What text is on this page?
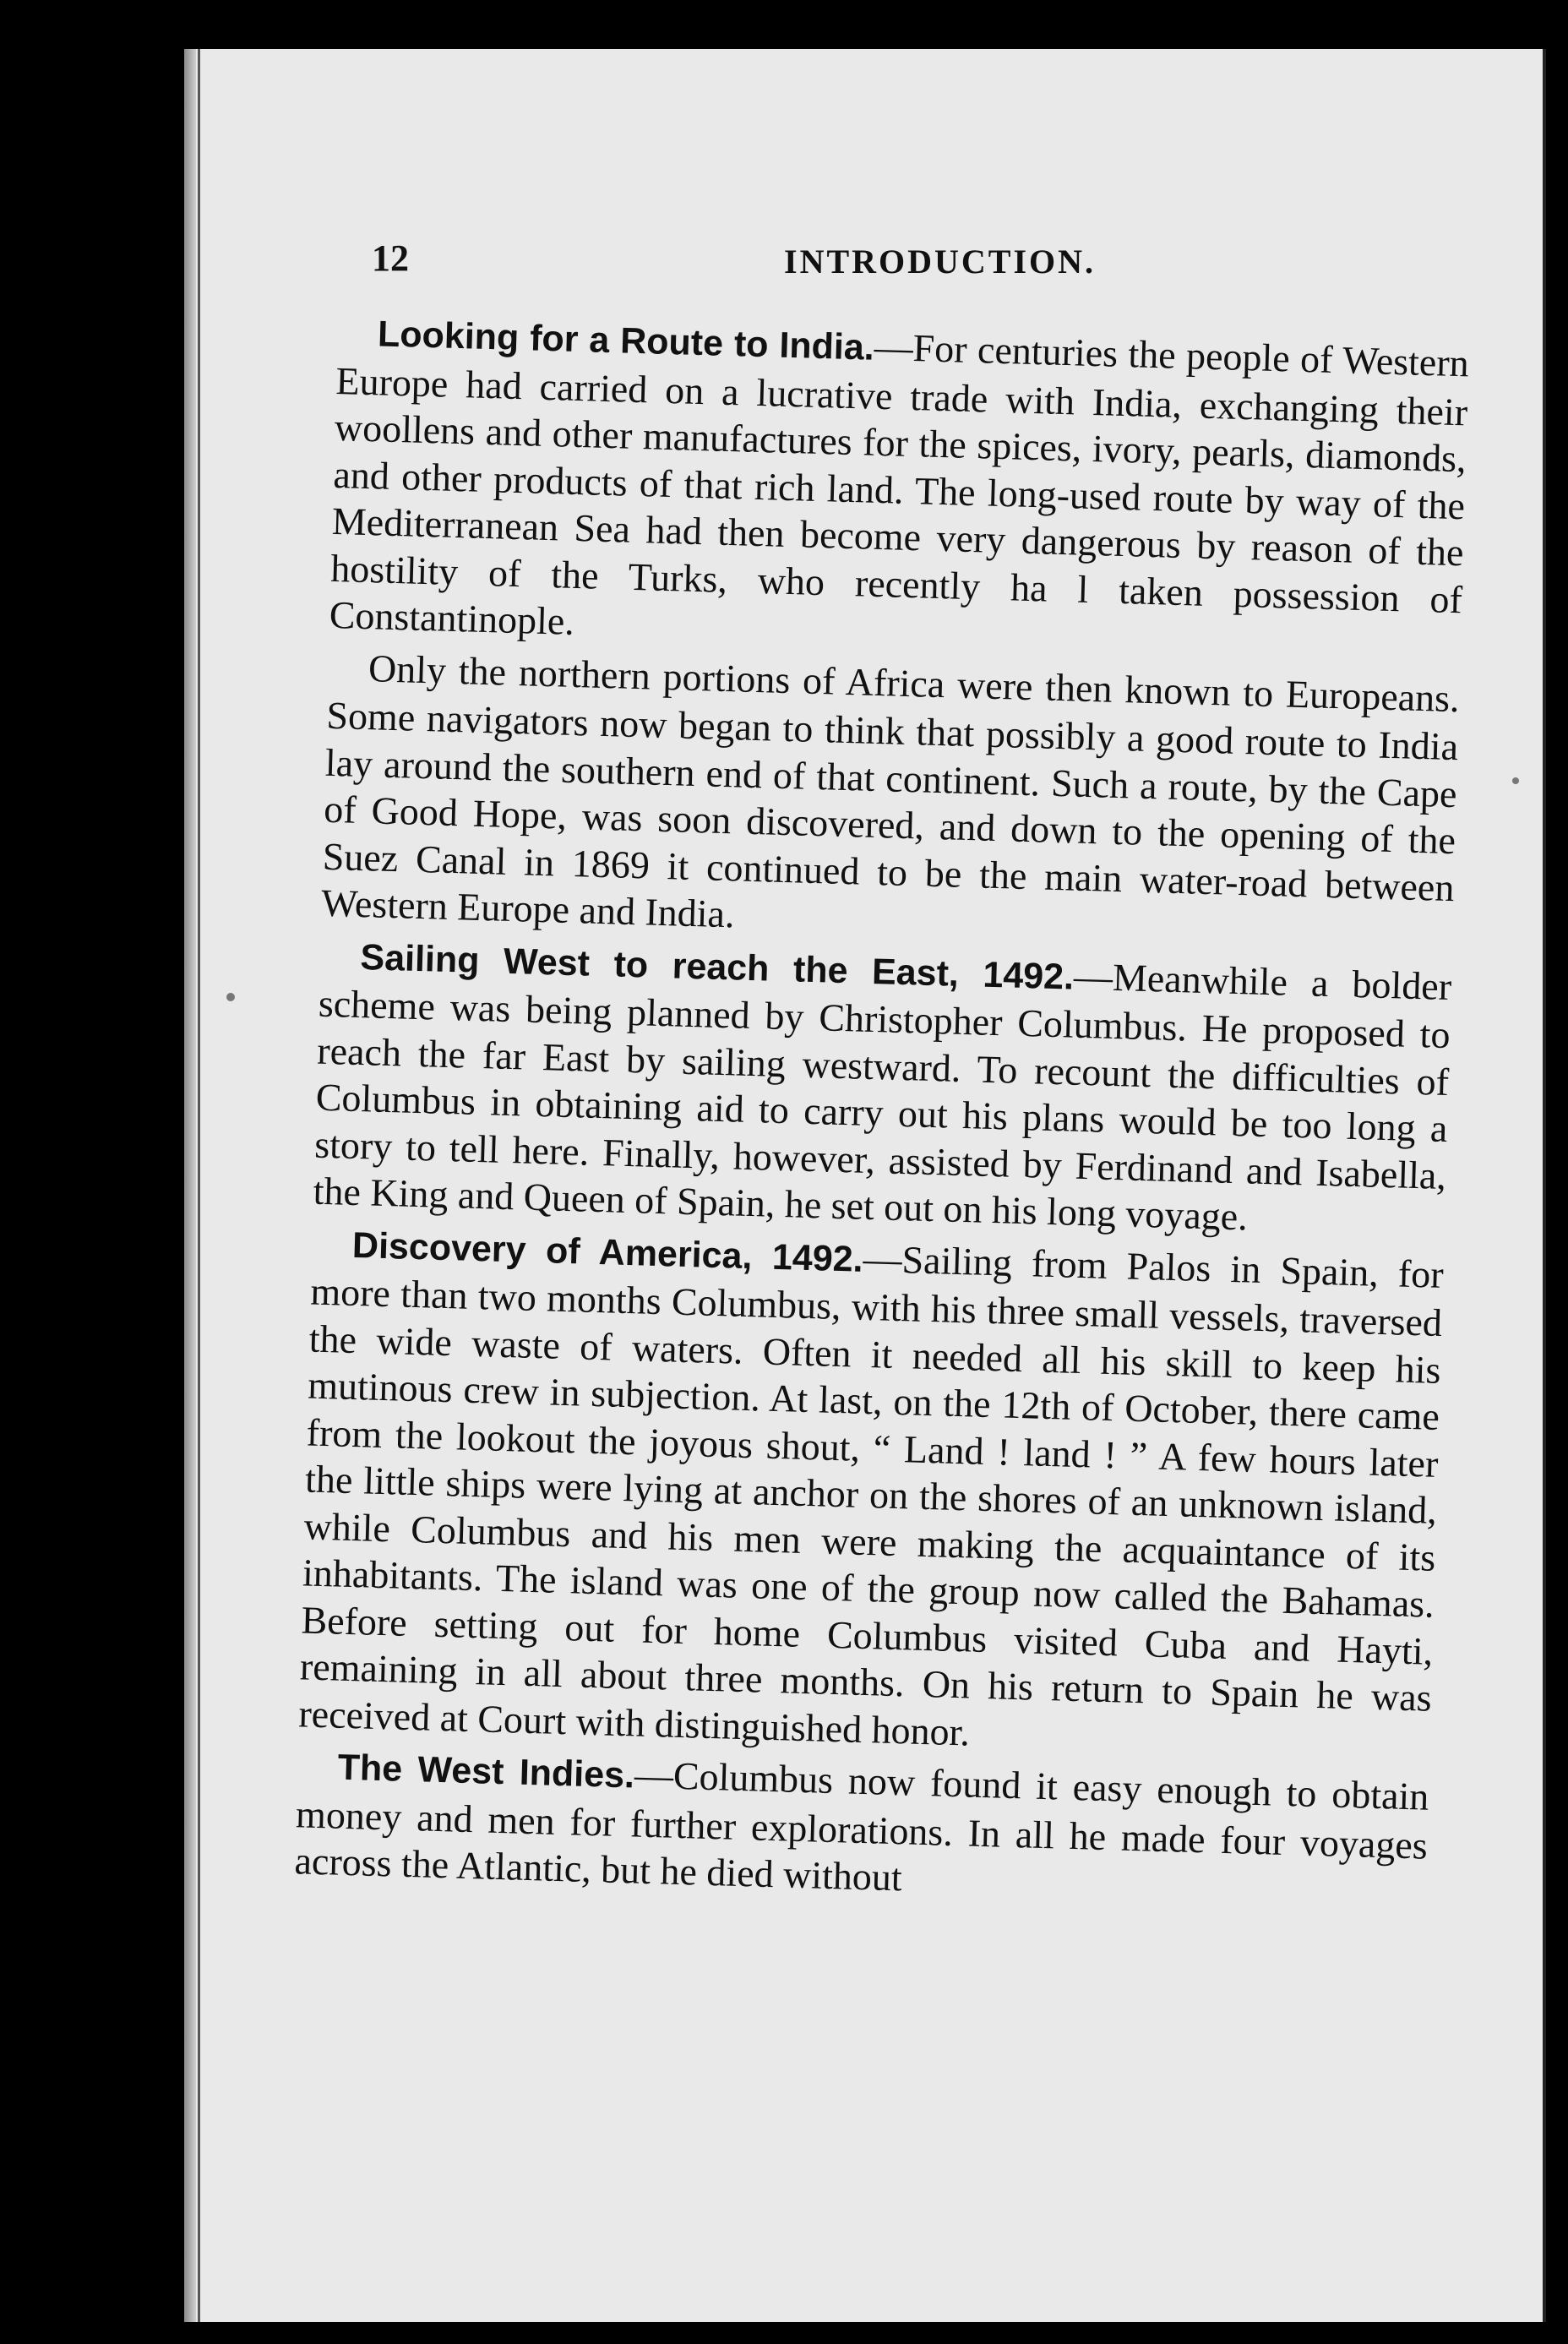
12	INTRODUCTION.

Looking for a Route to India.—For centuries the people of Western Europe had carried on a lucrative trade with India, exchanging their woollens and other manufactures for the spices, ivory, pearls, diamonds, and other products of that rich land. The long-used route by way of the Mediterranean Sea had then become very dangerous by reason of the hostility of the Turks, who recently ha l taken possession of Constantinople.

Only the northern portions of Africa were then known to Europeans. Some navigators now began to think that possibly a good route to India lay around the southern end of that continent. Such a route, by the Cape of Good Hope, was soon discovered, and down to the opening of the Suez Canal in 1869 it continued to be the main water-road between Western Europe and India.

Sailing West to reach the East, 1492.—Meanwhile a bolder scheme was being planned by Christopher Columbus. He proposed to reach the far East by sailing westward. To recount the difficulties of Columbus in obtaining aid to carry out his plans would be too long a story to tell here. Finally, however, assisted by Ferdinand and Isabella, the King and Queen of Spain, he set out on his long voyage.

Discovery of America, 1492.—Sailing from Palos in Spain, for more than two months Columbus, with his three small vessels, traversed the wide waste of waters. Often it needed all his skill to keep his mutinous crew in subjection. At last, on the 12th of October, there came from the lookout the joyous shout, “ Land ! land ! ” A few hours later the little ships were lying at anchor on the shores of an unknown island, while Columbus and his men were making the acquaintance of its inhabitants. The island was one of the group now called the Bahamas. Before setting out for home Columbus visited Cuba and Hayti, remaining in all about three months. On his return to Spain he was received at Court with distinguished honor.

The West Indies.—Columbus now found it easy enough to obtain money and men for further explorations. In all he made four voyages across the Atlantic, but he died without
